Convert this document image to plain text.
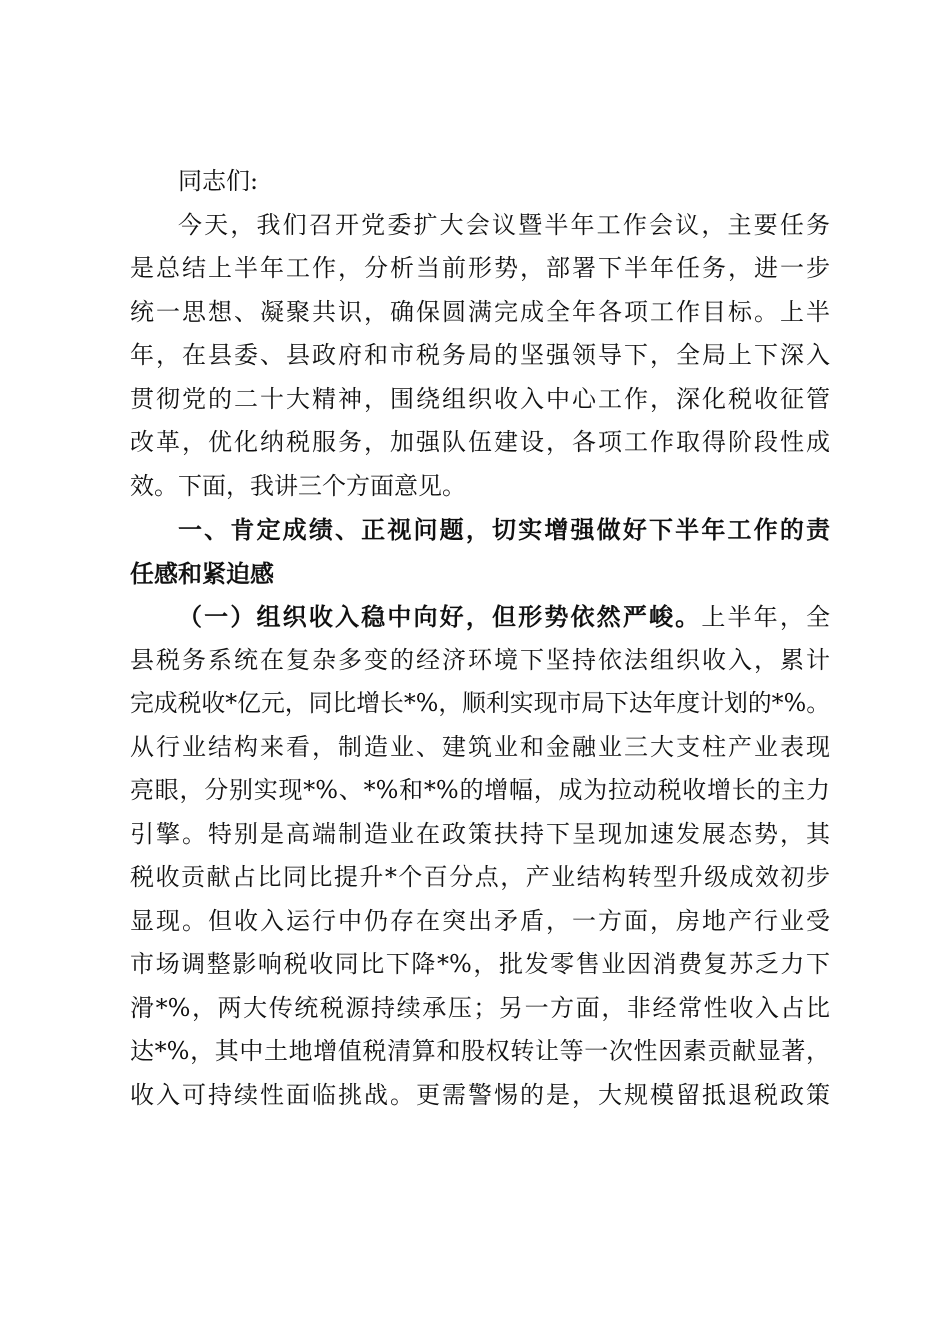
同志们:
今天，我们召开党委扩大会议暨半年工作会议，主要任务
是总结上半年工作，分析当前形势，部署下半年任务，进一步
统一思想、凝聚共识，确保圆满完成全年各项工作目标。上半
年，在县委、县政府和市税务局的坚强领导下，全局上下深入
贯彻党的二十大精神，围绕组织收入中心工作，深化税收征管
改革，优化纳税服务，加强队伍建设，各项工作取得阶段性成
效。下面，我讲三个方面意见。
一、肯定成绩、正视问题，切实增强做好下半年工作的责
任感和紧迫感
（一）组织收入稳中向好，但形势依然严峻。上半年，全
县税务系统在复杂多变的经济环境下坚持依法组织收入，累计
完成税收*亿元，同比增长*%，顺利实现市局下达年度计划的*%。
从行业结构来看，制造业、建筑业和金融业三大支柱产业表现
亮眼，分别实现*%、*%和*%的增幅，成为拉动税收增长的主力
引擎。特别是高端制造业在政策扶持下呈现加速发展态势，其
税收贡献占比同比提升*个百分点，产业结构转型升级成效初步
显现。但收入运行中仍存在突出矛盾，一方面，房地产行业受
市场调整影响税收同比下降*%，批发零售业因消费复苏乏力下
滑*%，两大传统税源持续承压；另一方面，非经常性收入占比
达*%，其中土地增值税清算和股权转让等一次性因素贡献显著，
收入可持续性面临挑战。更需警惕的是，大规模留抵退税政策
